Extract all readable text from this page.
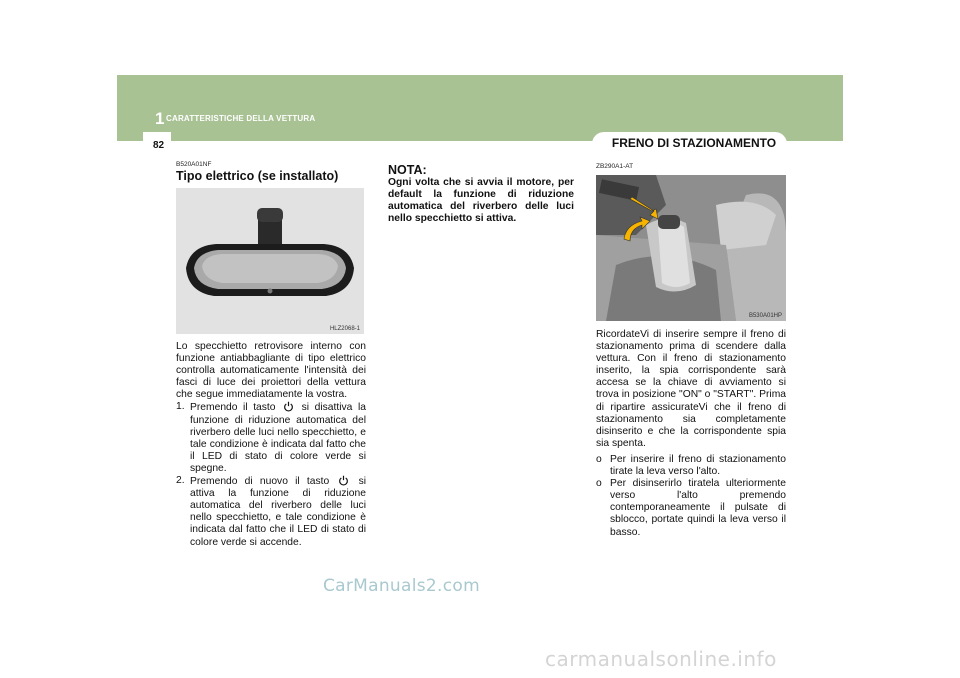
1 CARATTERISTICHE DELLA VETTURA
82	FRENO DI STAZIONAMENTO
B520A01NF
Tipo elettrico (se installato)
HLZ2068-1

Lo specchietto retrovisore interno con funzione antiabbagliante di tipo elettrico controlla automaticamente l'intensità dei fasci di luce dei proiettori della vettura che segue immediatamente la vostra.

1. Premendo il tasto	si disattiva la funzione di riduzione automatica del riverbero delle luci nello specchietto, e tale condizione è indicata dal fatto che il LED di stato di colore verde si spegne.
2. Premendo di nuovo il tasto	si attiva la funzione di riduzione automatica del riverbero delle luci nello specchietto, e tale condizione è indicata dal fatto che il LED di stato di colore verde si accende.

NOTA:

Ogni volta che si avvia il motore, per default la funzione di riduzione automatica del riverbero delle luci nello specchietto si attiva.

ZB290A1-AT
B530A01HP

RicordateVi di inserire sempre il freno di stazionamento prima di scendere dalla vettura. Con il freno di stazionamento inserito, la spia corrispondente sarà accesa se la chiave di avviamento si trova in posizione "ON" o "START". Prima di ripartire assicurateVi che il freno di stazionamento sia completamente disinserito e che la corrispondente spia sia spenta.

o Per inserire il freno di stazionamento tirate la leva verso l'alto.
o Per disinserirlo tiratela ulteriormente verso l'alto premendo contemporaneamente il pulsate di sblocco, portate quindi la leva verso il basso.
CarManuals2.com
carmanualsonline.info
